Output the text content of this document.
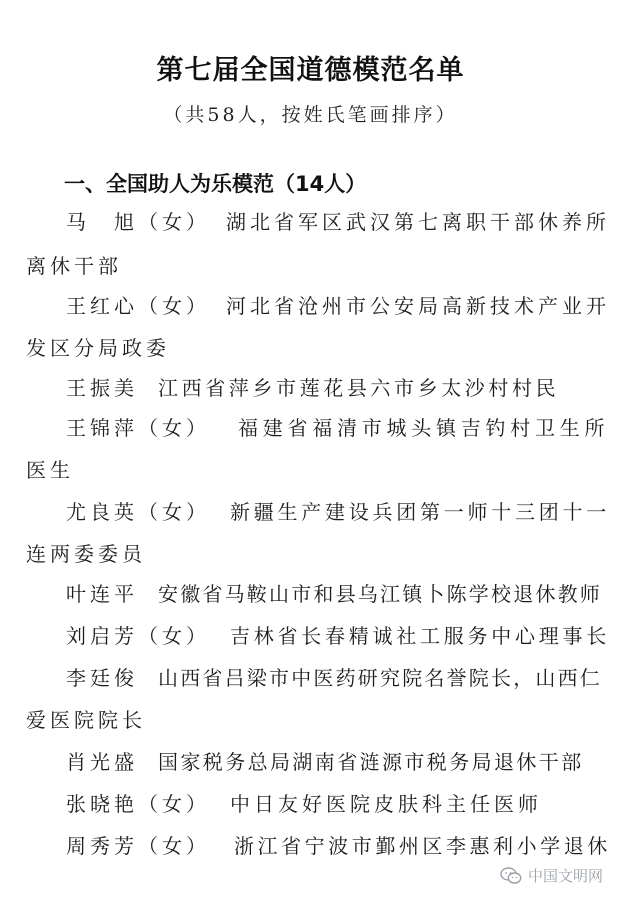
第七届全国道德模范名单
（共58人，按姓氏笔画排序）
一、全国助人为乐模范（14人）
马　旭（女） 湖北省军区武汉第七离职干部休养所
离休干部
王红心（女） 河北省沧州市公安局高新技术产业开
发区分局政委
王振美 江西省萍乡市莲花县六市乡太沙村村民
王锦萍（女） 福建省福清市城头镇吉钓村卫生所
医生
尤良英（女） 新疆生产建设兵团第一师十三团十一
连两委委员
叶连平 安徽省马鞍山市和县乌江镇卜陈学校退休教师
刘启芳（女） 吉林省长春精诚社工服务中心理事长
李廷俊 山西省吕梁市中医药研究院名誉院长，山西仁
爱医院院长
肖光盛 国家税务总局湖南省涟源市税务局退休干部
张晓艳（女） 中日友好医院皮肤科主任医师
周秀芳（女） 浙江省宁波市鄞州区李惠利小学退休
中国文明网
